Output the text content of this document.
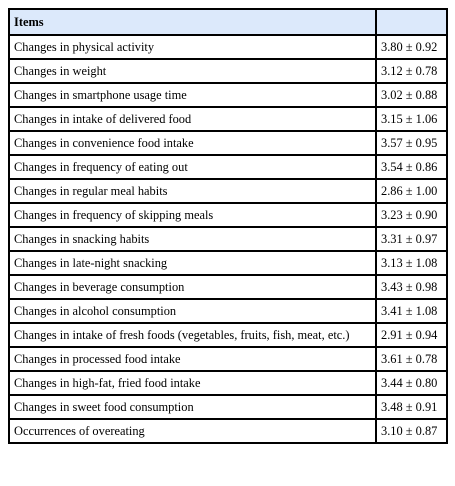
Items	
Changes in physical activity	3.80 ± 0.92
Changes in weight	3.12 ± 0.78
Changes in smartphone usage time	3.02 ± 0.88
Changes in intake of delivered food	3.15 ± 1.06
Changes in convenience food intake	3.57 ± 0.95
Changes in frequency of eating out	3.54 ± 0.86
Changes in regular meal habits	2.86 ± 1.00
Changes in frequency of skipping meals	3.23 ± 0.90
Changes in snacking habits	3.31 ± 0.97
Changes in late-night snacking	3.13 ± 1.08
Changes in beverage consumption	3.43 ± 0.98
Changes in alcohol consumption	3.41 ± 1.08
Changes in intake of fresh foods (vegetables, fruits, fish, meat, etc.)	2.91 ± 0.94
Changes in processed food intake	3.61 ± 0.78
Changes in high-fat, fried food intake	3.44 ± 0.80
Changes in sweet food consumption	3.48 ± 0.91
Occurrences of overeating	3.10 ± 0.87
